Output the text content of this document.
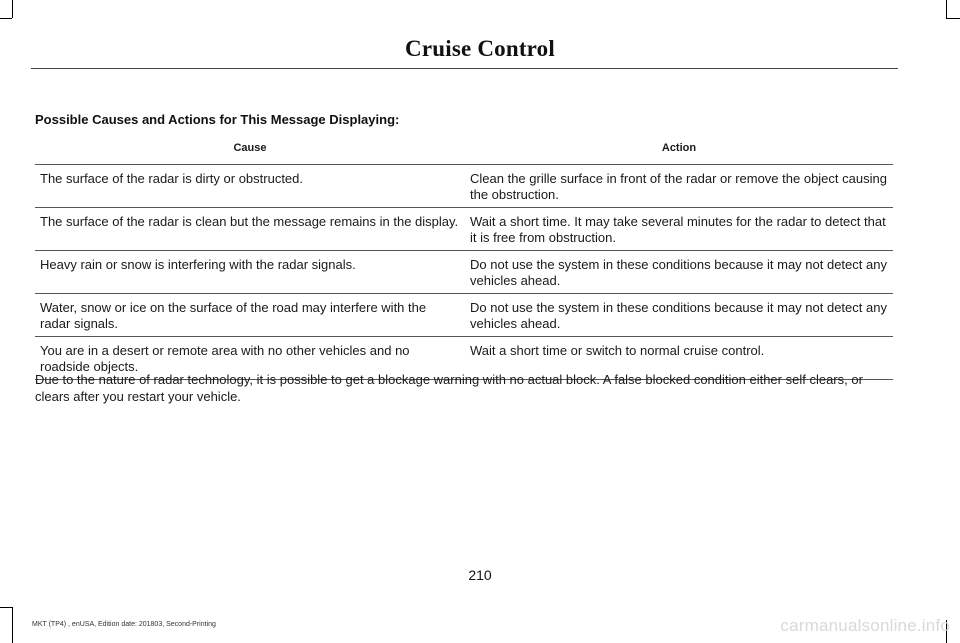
Cruise Control
Possible Causes and Actions for This Message Displaying:
Cause	Action
The surface of the radar is dirty or obstructed.	Clean the grille surface in front of the radar or remove the object causing the obstruction.
The surface of the radar is clean but the message remains in the display.	Wait a short time. It may take several minutes for the radar to detect that it is free from obstruction.
Heavy rain or snow is interfering with the radar signals.	Do not use the system in these conditions because it may not detect any vehicles ahead.
Water, snow or ice on the surface of the road may interfere with the radar signals.	Do not use the system in these conditions because it may not detect any vehicles ahead.
You are in a desert or remote area with no other vehicles and no roadside objects.	Wait a short time or switch to normal cruise control.
Due to the nature of radar technology, it is possible to get a blockage warning with no actual block. A false blocked condition either self clears, or clears after you restart your vehicle.
210
MKT (TP4) , enUSA, Edition date: 201803, Second-Printing	carmanualsonline.info
